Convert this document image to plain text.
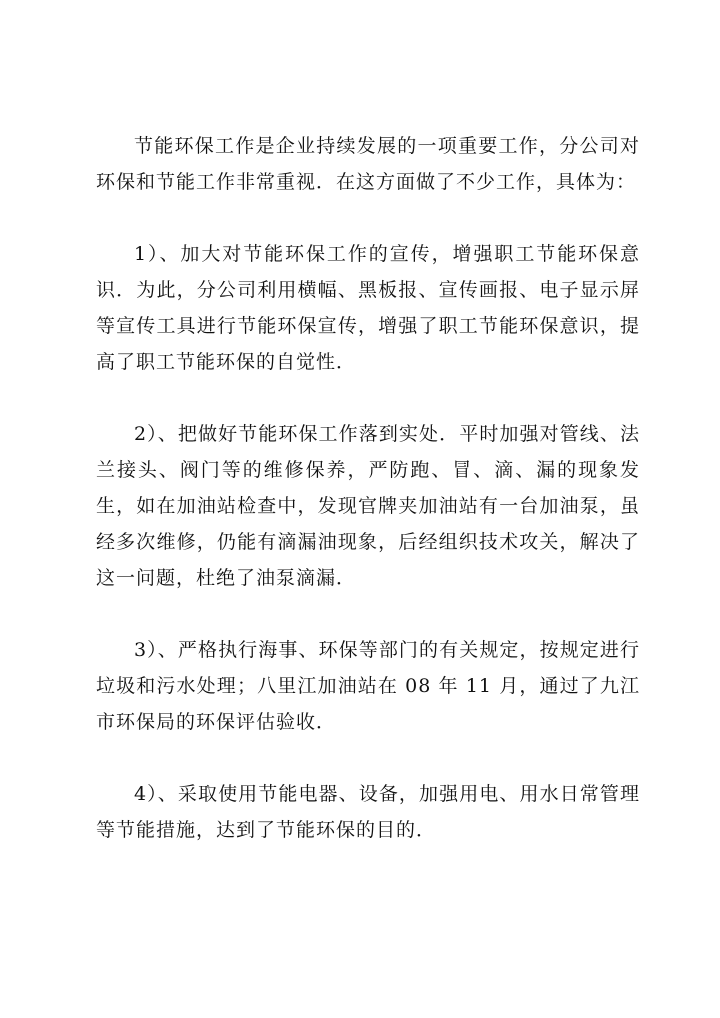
节能环保工作是企业持续发展的一项重要工作，分公司对环保和节能工作非常重视．在这方面做了不少工作，具体为：

1）、加大对节能环保工作的宣传，增强职工节能环保意识．为此，分公司利用横幅、黑板报、宣传画报、电子显示屏等宣传工具进行节能环保宣传，增强了职工节能环保意识，提高了职工节能环保的自觉性．

2）、把做好节能环保工作落到实处．平时加强对管线、法兰接头、阀门等的维修保养，严防跑、冒、滴、漏的现象发生，如在加油站检查中，发现官牌夹加油站有一台加油泵，虽经多次维修，仍能有滴漏油现象，后经组织技术攻关，解决了这一问题，杜绝了油泵滴漏．

3）、严格执行海事、环保等部门的有关规定，按规定进行垃圾和污水处理；八里江加油站在 08 年 11 月，通过了九江市环保局的环保评估验收．

4）、采取使用节能电器、设备，加强用电、用水日常管理等节能措施，达到了节能环保的目的．
